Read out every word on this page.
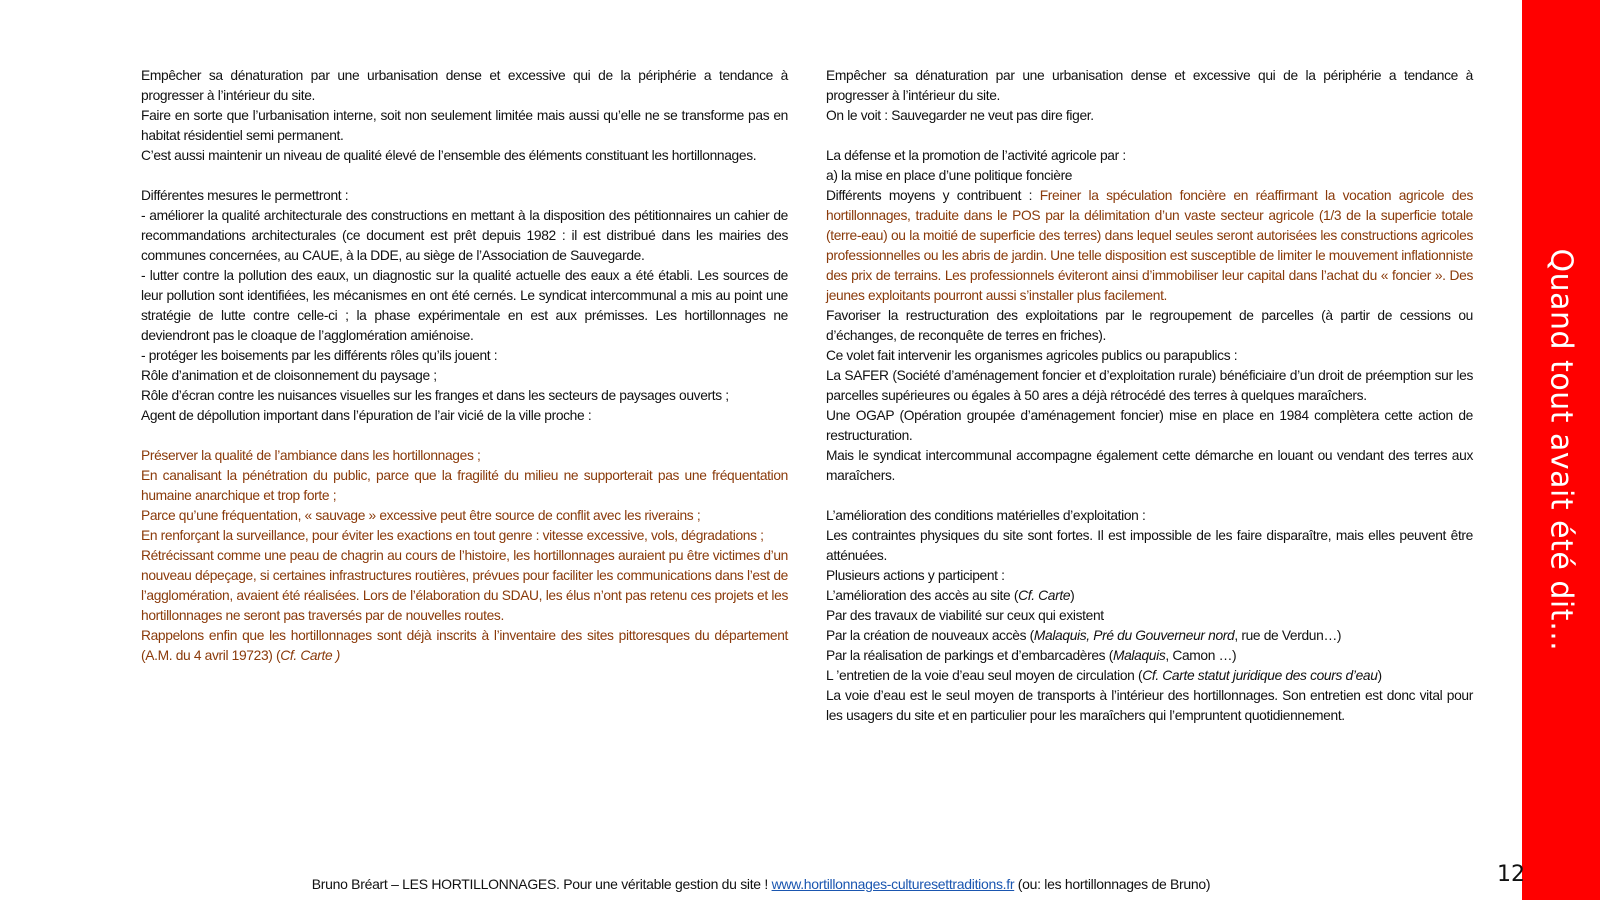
Empêcher sa dénaturation par une urbanisation dense et excessive qui de la périphérie a tendance à progresser à l’intérieur du site.

Faire en sorte que l’urbanisation interne, soit non seulement limitée mais aussi qu’elle ne se transforme pas en habitat résidentiel semi permanent.

C’est aussi maintenir un niveau de qualité élevé de l’ensemble des éléments constituant les hortillonnages.

Différentes mesures le permettront :

- améliorer la qualité architecturale des constructions en mettant à la disposition des pétitionnaires un cahier de recommandations architecturales (ce document est prêt depuis 1982 : il est distribué dans les mairies des communes concernées, au CAUE, à la DDE, au siège de l’Association de Sauvegarde.

- lutter contre la pollution des eaux, un diagnostic sur la qualité actuelle des eaux a été établi. Les sources de leur pollution sont identifiées, les mécanismes en ont été cernés. Le syndicat intercommunal a mis au point une stratégie de lutte contre celle-ci ; la phase expérimentale en est aux prémisses. Les hortillonnages ne deviendront pas le cloaque de l’agglomération amiénoise.

- protéger les boisements par les différents rôles qu’ils jouent :

Rôle d’animation et de cloisonnement du paysage ;

Rôle d’écran contre les nuisances visuelles sur les franges et dans les secteurs de paysages ouverts ;

Agent de dépollution important dans l’épuration de l’air vicié de la ville proche :

Préserver la qualité de l’ambiance dans les hortillonnages ;

En canalisant la pénétration du public, parce que la fragilité du milieu ne supporterait pas une fréquentation humaine anarchique et trop forte ;

Parce qu’une fréquentation, « sauvage » excessive peut être source de conflit avec les riverains ;

En renforçant la surveillance, pour éviter les exactions en tout genre : vitesse excessive, vols, dégradations ;

Rétrécissant comme une peau de chagrin au cours de l’histoire, les hortillonnages auraient pu être victimes d’un nouveau dépeçage, si certaines infrastructures routières, prévues pour faciliter les communications dans l’est de l’agglomération, avaient été réalisées. Lors de l’élaboration du SDAU, les élus n’ont pas retenu ces projets et les hortillonnages ne seront pas traversés par de nouvelles routes.

Rappelons enfin que les hortillonnages sont déjà inscrits à l’inventaire des sites pittoresques du département (A.M. du 4 avril 19723) (Cf. Carte )

Empêcher sa dénaturation par une urbanisation dense et excessive qui de la périphérie a tendance à progresser à l’intérieur du site.

On le voit : Sauvegarder ne veut pas dire figer.

La défense et la promotion de l’activité agricole par :

a) la mise en place d’une politique foncière

Différents moyens y contribuent : Freiner la spéculation foncière en réaffirmant la vocation agricole des hortillonnages, traduite dans le POS par la délimitation d’un vaste secteur agricole (1/3 de la superficie totale (terre-eau) ou la moitié de superficie des terres) dans lequel seules seront autorisées les constructions agricoles professionnelles ou les abris de jardin. Une telle disposition est susceptible de limiter le mouvement inflationniste des prix de terrains. Les professionnels éviteront ainsi d’immobiliser leur capital dans l’achat du « foncier ». Des jeunes exploitants pourront aussi s’installer plus facilement.

Favoriser la restructuration des exploitations par le regroupement de parcelles (à partir de cessions ou d’échanges, de reconquête de terres en friches).

Ce volet fait intervenir les organismes agricoles publics ou parapublics :

La SAFER (Société d’aménagement foncier et d’exploitation rurale) bénéficiaire d’un droit de préemption sur les parcelles supérieures ou égales à 50 ares a déjà rétrocédé des terres à quelques maraîchers.

Une OGAP (Opération groupée d’aménagement foncier) mise en place en 1984 complètera cette action de restructuration.

Mais le syndicat intercommunal accompagne également cette démarche en louant ou vendant des terres aux maraîchers.

L’amélioration des conditions matérielles d’exploitation :

Les contraintes physiques du site sont fortes. Il est impossible de les faire disparaître, mais elles peuvent être atténuées.

Plusieurs actions y participent :

L’amélioration des accès au site (Cf. Carte)

Par des travaux de viabilité sur ceux qui existent

Par la création de nouveaux accès (Malaquis, Pré du Gouverneur nord, rue de Verdun…)

Par la réalisation de parkings et d’embarcadères (Malaquis, Camon …)

L ’entretien de la voie d’eau seul moyen de circulation (Cf. Carte statut juridique des cours d’eau)

La voie d’eau est le seul moyen de transports à l’intérieur des hortillonnages. Son entretien est donc vital pour les usagers du site et en particulier pour les maraîchers qui l’empruntent quotidiennement.

Quand tout avait été dit…
12
Bruno Bréart – LES HORTILLONNAGES. Pour une véritable gestion du site ! www.hortillonnages-culturesettraditions.fr (ou: les hortillonnages de Bruno)
